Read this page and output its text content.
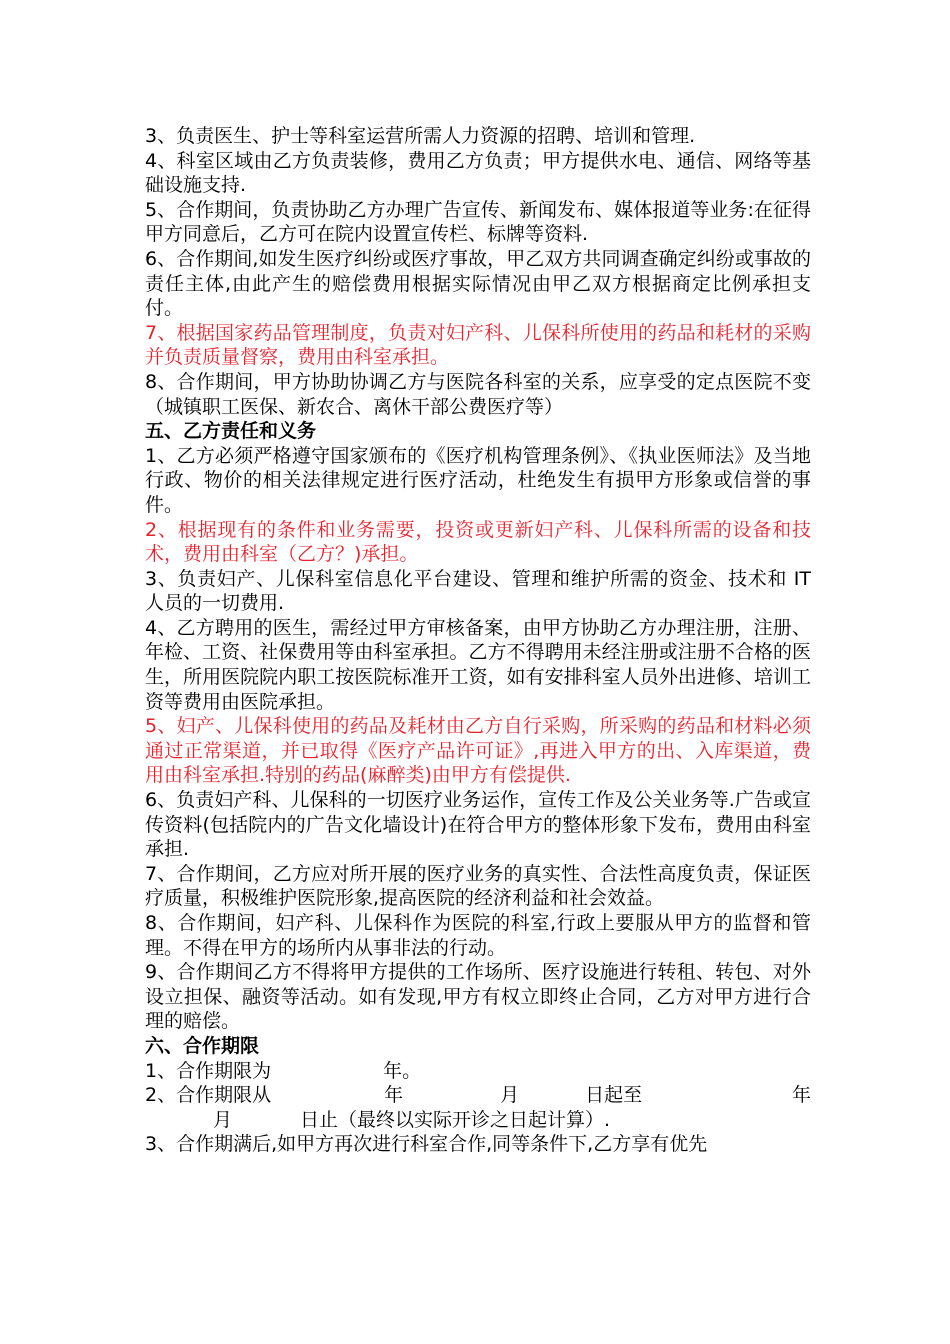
3、负责医生、护士等科室运营所需人力资源的招聘、培训和管理.

4、科室区域由乙方负责装修，费用乙方负责；甲方提供水电、通信、网络等基础设施支持.

5、合作期间，负责协助乙方办理广告宣传、新闻发布、媒体报道等业务:在征得甲方同意后，乙方可在院内设置宣传栏、标牌等资料.

6、合作期间,如发生医疗纠纷或医疗事故，甲乙双方共同调查确定纠纷或事故的责任主体,由此产生的赔偿费用根据实际情况由甲乙双方根据商定比例承担支付。

7、根据国家药品管理制度，负责对妇产科、儿保科所使用的药品和耗材的采购并负责质量督察，费用由科室承担。

8、合作期间，甲方协助协调乙方与医院各科室的关系，应享受的定点医院不变（城镇职工医保、新农合、离休干部公费医疗等）

五、乙方责任和义务

1、乙方必须严格遵守国家颁布的《医疗机构管理条例》、《执业医师法》及当地行政、物价的相关法律规定进行医疗活动，杜绝发生有损甲方形象或信誉的事件。

2、根据现有的条件和业务需要，投资或更新妇产科、儿保科所需的设备和技术，费用由科室（乙方？)承担。

3、负责妇产、儿保科室信息化平台建设、管理和维护所需的资金、技术和 IT 人员的一切费用.

4、乙方聘用的医生，需经过甲方审核备案，由甲方协助乙方办理注册，注册、年检、工资、社保费用等由科室承担。乙方不得聘用未经注册或注册不合格的医生，所用医院院内职工按医院标准开工资，如有安排科室人员外出进修、培训工资等费用由医院承担。

5、妇产、儿保科使用的药品及耗材由乙方自行采购，所采购的药品和材料必须通过正常渠道，并已取得《医疗产品许可证》,再进入甲方的出、入库渠道，费用由科室承担.特别的药品(麻醉类)由甲方有偿提供.

6、负责妇产科、儿保科的一切医疗业务运作，宣传工作及公关业务等.广告或宣传资料(包括院内的广告文化墙设计)在符合甲方的整体形象下发布，费用由科室承担.

7、合作期间，乙方应对所开展的医疗业务的真实性、合法性高度负责，保证医疗质量，积极维护医院形象,提高医院的经济利益和社会效益。

8、合作期间，妇产科、儿保科作为医院的科室,行政上要服从甲方的监督和管理。不得在甲方的场所内从事非法的行动。

9、合作期间乙方不得将甲方提供的工作场所、医疗设施进行转租、转包、对外设立担保、融资等活动。如有发现,甲方有权立即终止合同，乙方对甲方进行合理的赔偿。

六、合作期限

1、合作期限为	年。
2、合作期限从	年	月	日起至	年
月	日止（最终以实际开诊之日起计算）.

3、合作期满后,如甲方再次进行科室合作,同等条件下,乙方享有优先
